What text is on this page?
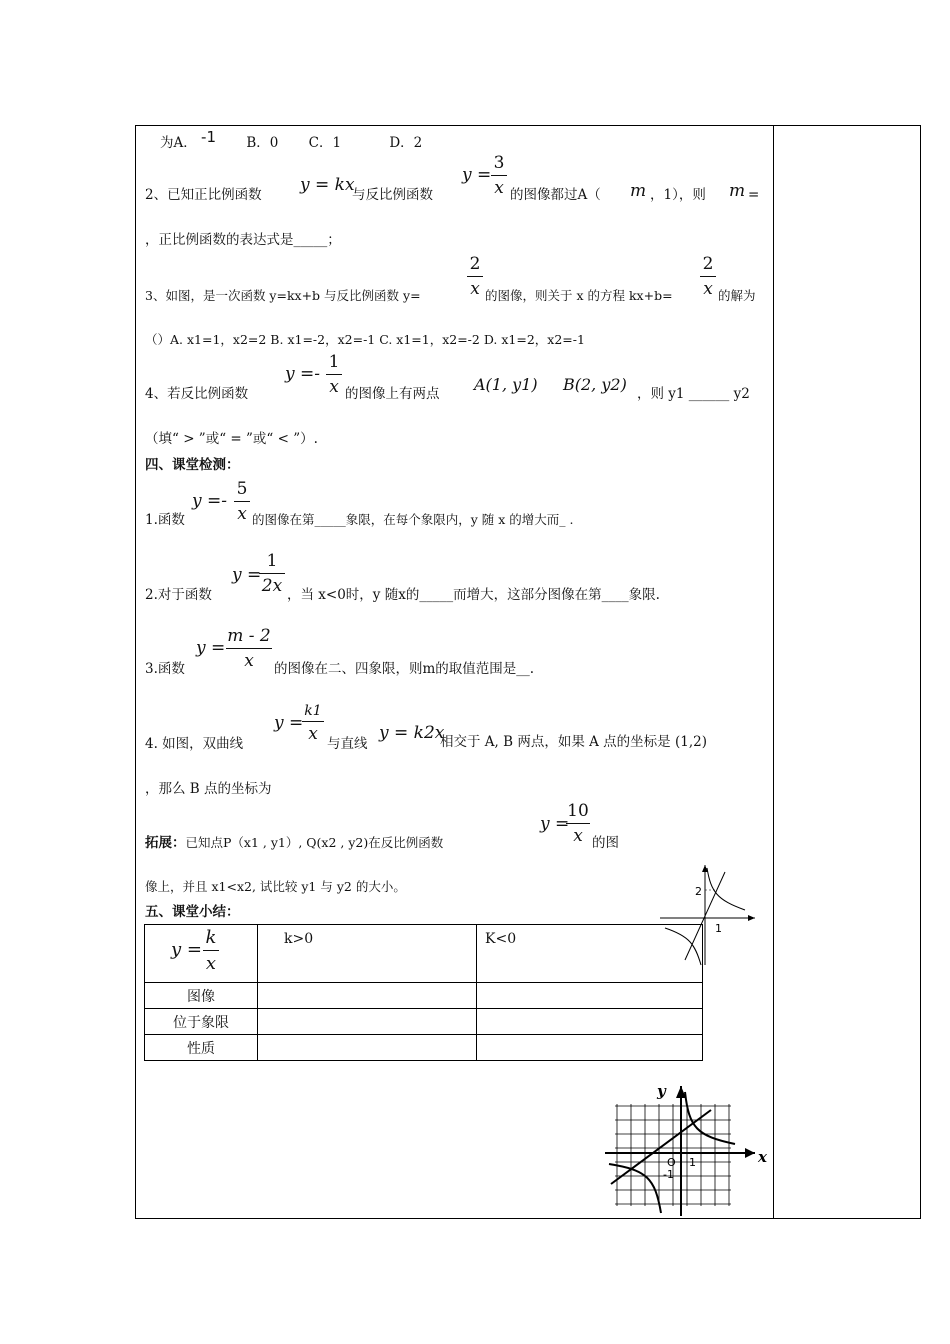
为A． -1 B．0 C．1	D．2
2、已知正比例函数 y = kx
与反比例函数
y =
3
x 的图像都过A（ m ，1），则 m =
，正比例函数的表达式是_____；
3、如图，是一次函数 y=kx+b 与反比例函数 y=
2
x 的图像，则关于 x 的方程 kx+b=
2
x 的解为
（）A. x1=1，x2=2 B. x1=-2，x2=-1 C. x1=1，x2=-2 D. x1=2，x2=-1
4、若反比例函数
y =-
1
x 的图像上有两点 A(1, y1) B(2, y2) ，则 y1 ______ y2
（填“ > ”或“ = ”或“ < ”）.
四、课堂检测：
y =-
5
x
1.函数	的图像在第_____象限，在每个象限内，y 随 x 的增大而_ .
y =
1
2x
2.对于函数	，当 x<0时，y 随x的_____而增大，这部分图像在第____象限.
y =
m - 2
x
3.函数	的图像在二、四象限，则m的取值范围是__.
4. 如图，双曲线
y =
k1
x 与直线
y = k2x
相交于 A, B 两点，如果 A 点的坐标是 (1,2)
，那么 B 点的坐标为
y =
10
x
拓展：已知点P（x1 , y1）, Q(x2 , y2)在反比例函数	的图
像上，并且 x1<x2, 试比较 y1 与 y2 的大小。
五、课堂小结：
y =
k
x	k>0	K<0
图像		
位于象限		
性质		
2
1
y
x
O 1
-1
